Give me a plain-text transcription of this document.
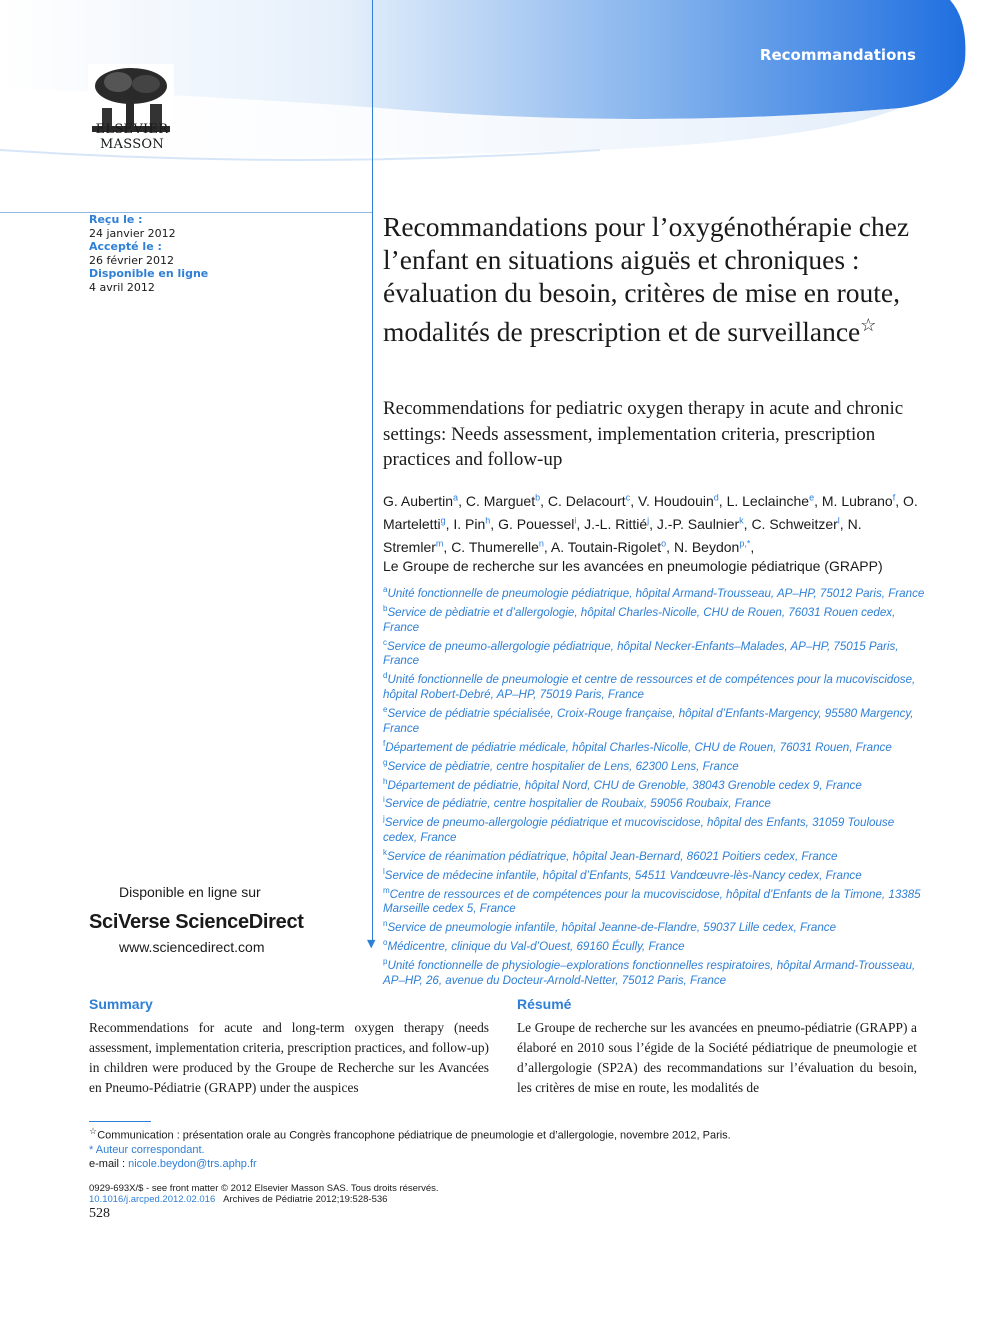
▼
Recommandations
ELSEVIER
MASSON
Reçu le :
24 janvier 2012
Accepté le :
26 février 2012
Disponible en ligne
4 avril 2012
Recommandations pour l’oxygénothérapie chez l’enfant en situations aiguës et chroniques : évaluation du besoin, critères de mise en route, modalités de prescription et de surveillance☆
Recommendations for pediatric oxygen therapy in acute and chronic settings: Needs assessment, implementation criteria, prescription practices and follow-up
G. Aubertin$^a$, C. Marguet$^b$, C. Delacourt$^c$, V. Houdouin$^d$, L. Leclainche$^e$, M. Lubrano$^f$, O. Marteletti$^g$, I. Pin$^h$, G. Pouessel$^i$, J.-L. Rittié$^j$, J.-P. Saulnier$^k$, C. Schweitzer$^l$, N. Stremler$^m$, C. Thumerelle$^n$, A. Toutain-Rigolet$^o$, N. Beydon$^{p,*}$,
Le Groupe de recherche sur les avancées en pneumologie pédiatrique (GRAPP)
$^a$Unité fonctionnelle de pneumologie pédiatrique, hôpital Armand-Trousseau, AP–HP, 75012 Paris, France
$^b$Service de pèdiatrie et d’allergologie, hôpital Charles-Nicolle, CHU de Rouen, 76031 Rouen cedex, France
$^c$Service de pneumo-allergologie pédiatrique, hôpital Necker-Enfants–Malades, AP–HP, 75015 Paris, France
$^d$Unité fonctionnelle de pneumologie et centre de ressources et de compétences pour la mucoviscidose, hôpital Robert-Debré, AP–HP, 75019 Paris, France
$^e$Service de pédiatrie spécialisée, Croix-Rouge française, hôpital d’Enfants-Margency, 95580 Margency, France
$^f$Département de pédiatrie médicale, hôpital Charles-Nicolle, CHU de Rouen, 76031 Rouen, France
$^g$Service de pèdiatrie, centre hospitalier de Lens, 62300 Lens, France
$^h$Département de pédiatrie, hôpital Nord, CHU de Grenoble, 38043 Grenoble cedex 9, France
$^i$Service de pédiatrie, centre hospitalier de Roubaix, 59056 Roubaix, France
$^j$Service de pneumo-allergologie pédiatrique et mucoviscidose, hôpital des Enfants, 31059 Toulouse cedex, France
$^k$Service de réanimation pédiatrique, hôpital Jean-Bernard, 86021 Poitiers cedex, France
$^l$Service de médecine infantile, hôpital d’Enfants, 54511 Vandœuvre-lès-Nancy cedex, France
$^m$Centre de ressources et de compétences pour la mucoviscidose, hôpital d’Enfants de la Timone, 13385 Marseille cedex 5, France
$^n$Service de pneumologie infantile, hôpital Jeanne-de-Flandre, 59037 Lille cedex, France
$^o$Médicentre, clinique du Val-d’Ouest, 69160 Écully, France
$^p$Unité fonctionnelle de physiologie–explorations fonctionnelles respiratoires, hôpital Armand-Trousseau, AP–HP, 26, avenue du Docteur-Arnold-Netter, 75012 Paris, France
Disponible en ligne sur
SciVerse ScienceDirect
www.sciencedirect.com
Summary
Recommendations for acute and long-term oxygen therapy (needs assessment, implementation criteria, prescription practices, and follow-up) in children were produced by the Groupe de Recherche sur les Avancées en Pneumo-Pédiatrie (GRAPP) under the auspices
Résumé
Le Groupe de recherche sur les avancées en pneumo-pédiatrie (GRAPP) a élaboré en 2010 sous l’égide de la Société pédiatrique de pneumologie et d’allergologie (SP2A) des recommandations sur l’évaluation du besoin, les critères de mise en route, les modalités de
☆Communication : présentation orale au Congrès francophone pédiatrique de pneumologie et d’allergologie, novembre 2012, Paris.
* Auteur correspondant.
e-mail : nicole.beydon@trs.aphp.fr
0929-693X/$ - see front matter © 2012 Elsevier Masson SAS. Tous droits réservés.
10.1016/j.arcped.2012.02.016 Archives de Pédiatrie 2012;19:528-536
528
